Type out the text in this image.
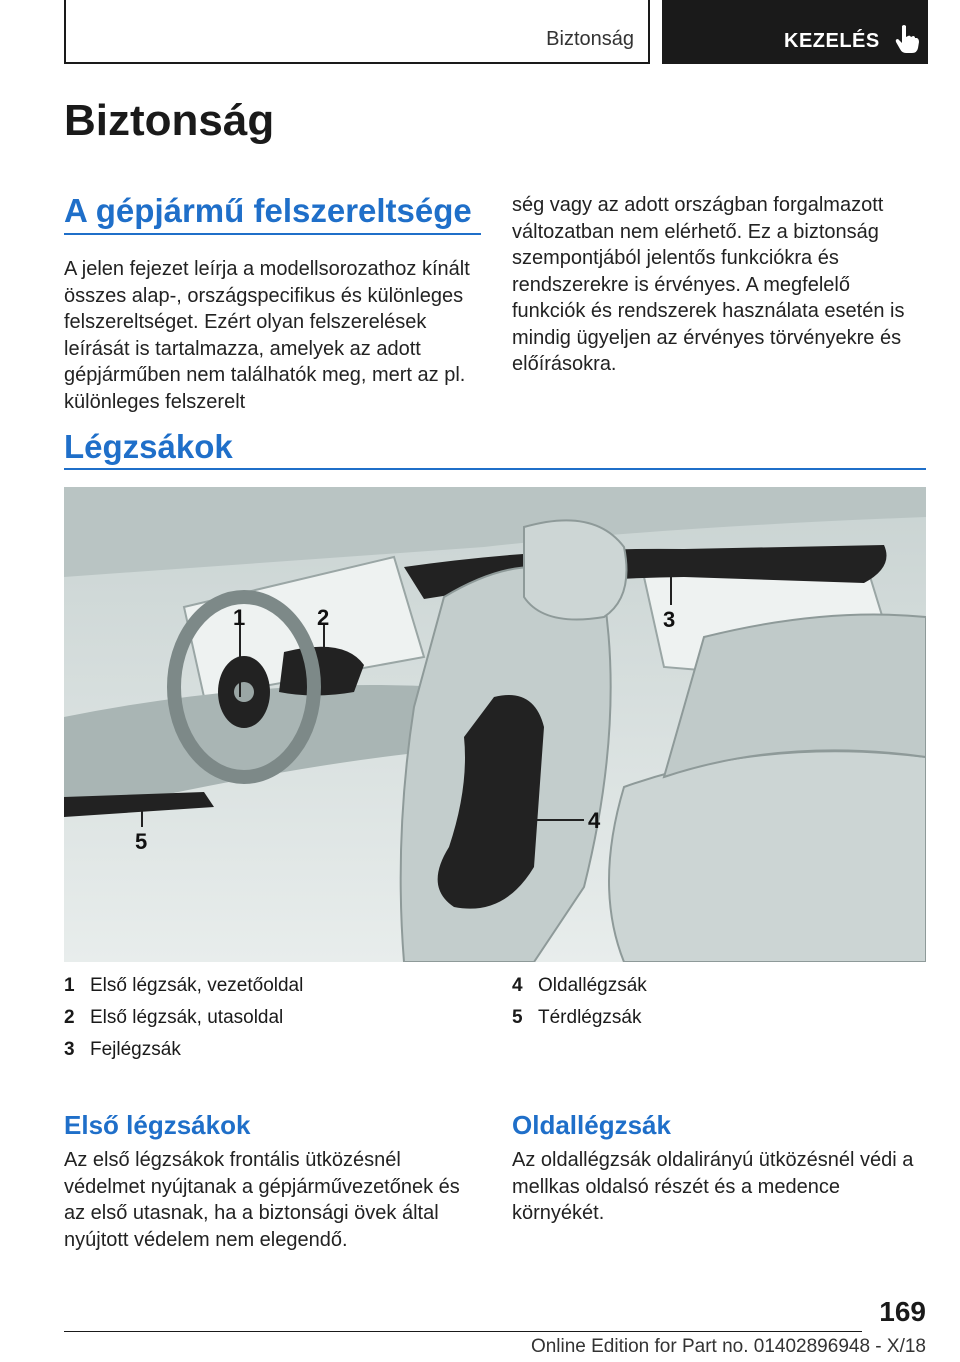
Biztonság	KEZELÉS
Biztonság
A gépjármű felszereltsége

A jelen fejezet leírja a modellsorozathoz kínált összes alap-, országspecifikus és különleges felszereltséget. Ezért olyan felszerelések leírását is tartalmazza, amelyek az adott gépjárműben nem találhatók meg, mert az pl. különleges felszerelt

ség vagy az adott országban forgalmazott változatban nem elérhető. Ez a biztonság szempontjából jelentős funkciókra és rendszerekre is érvényes. A megfelelő funkciók és rendszerek használata esetén is mindig ügyeljen az érvényes törvényekre és előírásokra.

Légzsákok
1	2	3
4
5
1 Első légzsák, vezetőoldal
2 Első légzsák, utasoldal
3 Fejlégzsák
4 Oldallégzsák
5 Térdlégzsák
Első légzsákok

Az első légzsákok frontális ütközésnél védelmet nyújtanak a gépjárművezetőnek és az első utasnak, ha a biztonsági övek által nyújtott védelem nem elegendő.

Oldallégzsák

Az oldallégzsák oldalirányú ütközésnél védi a mellkas oldalsó részét és a medence környékét.

169
Online Edition for Part no. 01402896948 - X/18
